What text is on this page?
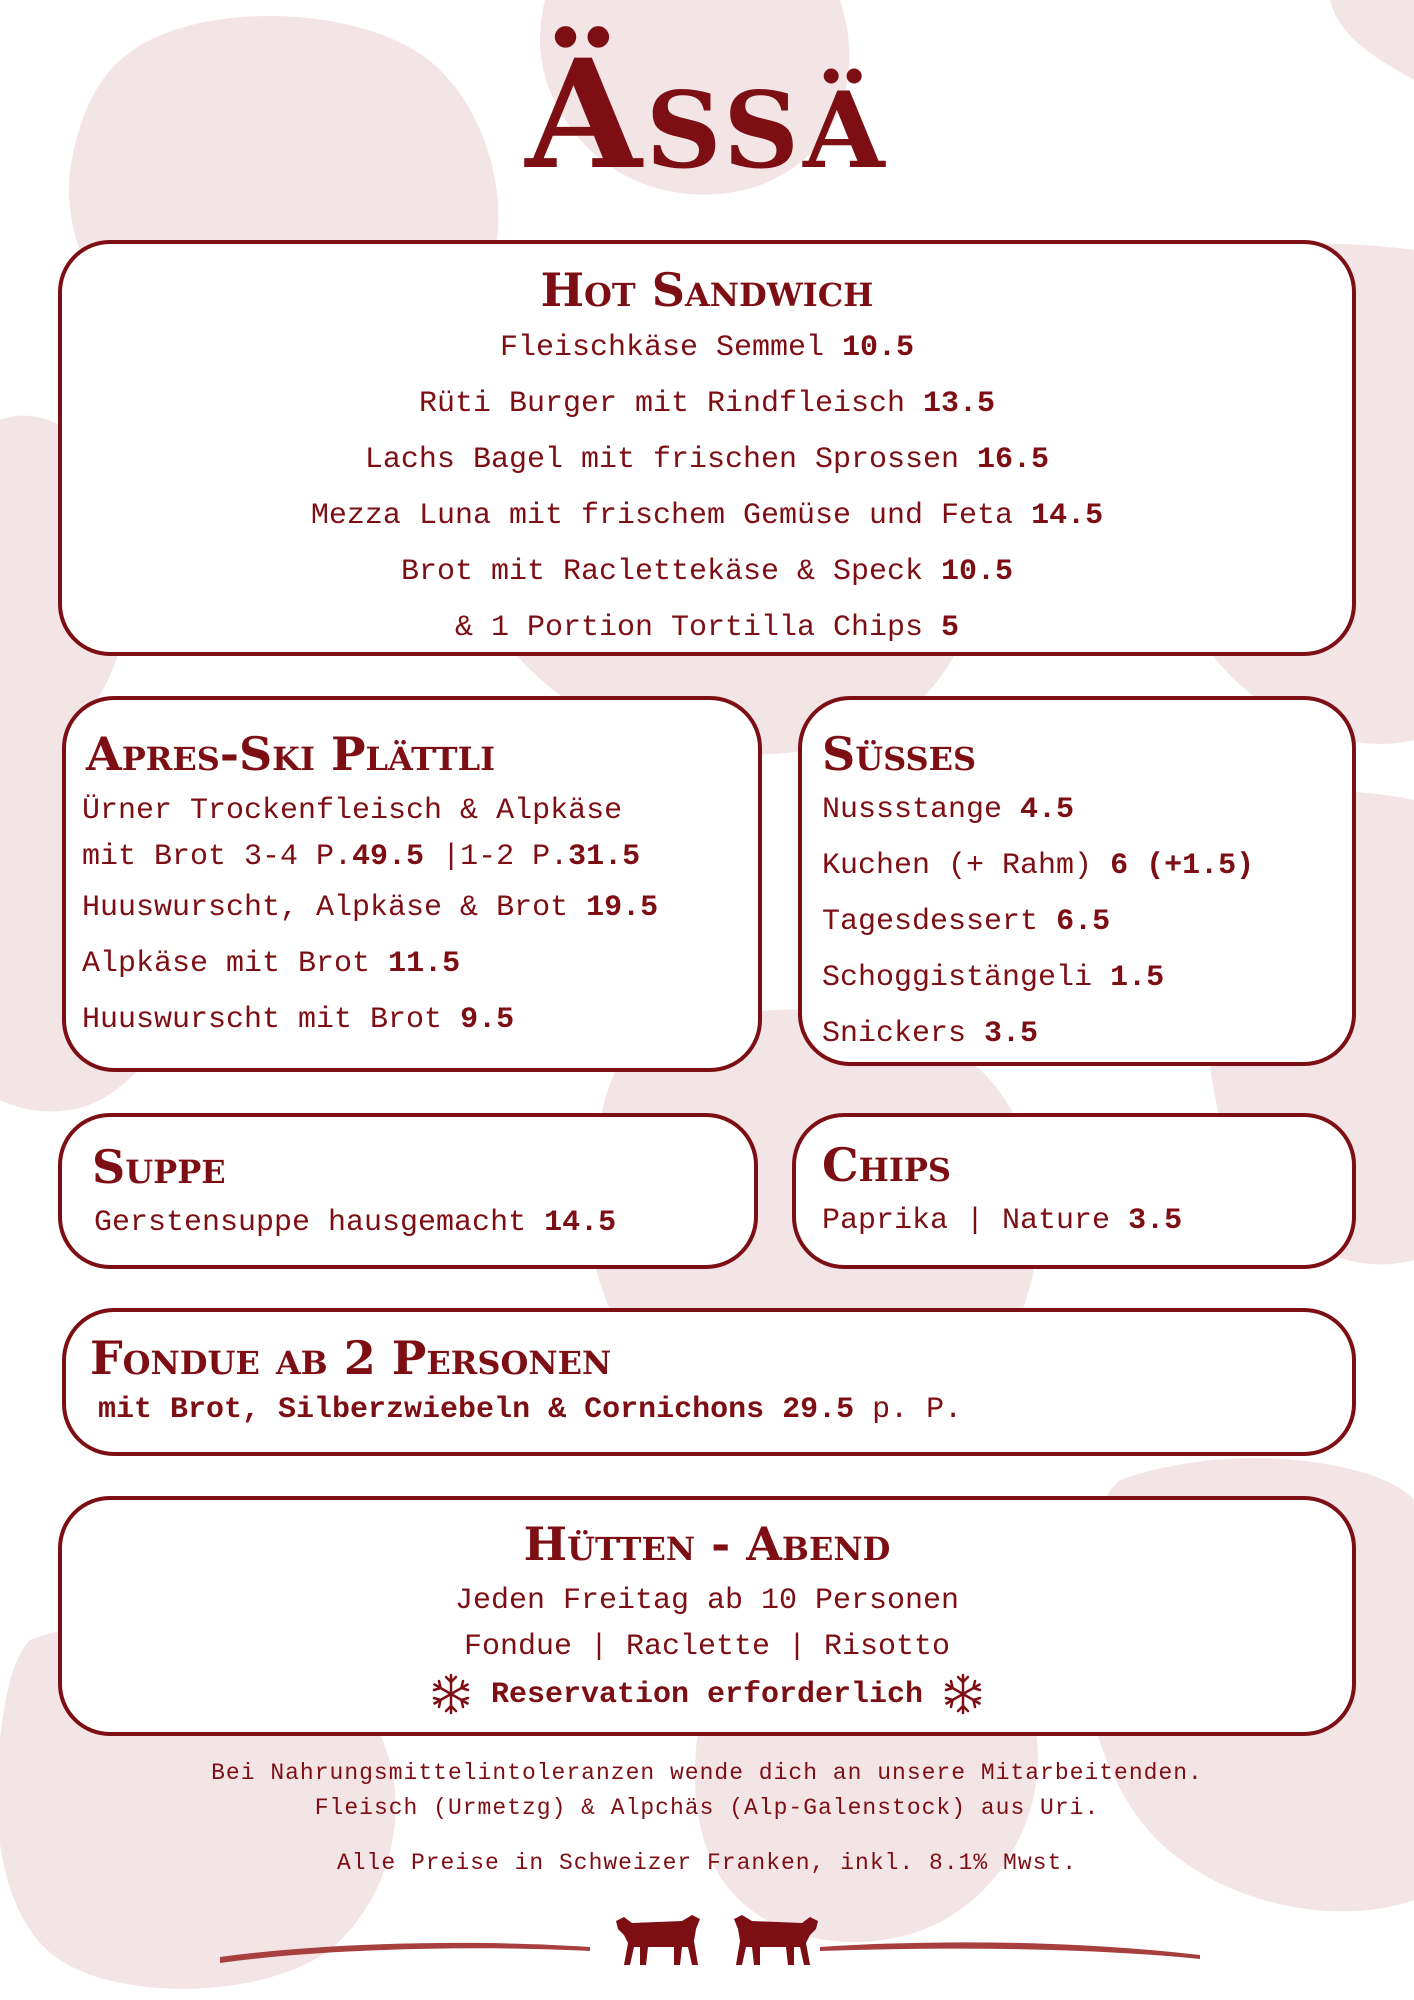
Ässä
Hot Sandwich
Fleischkäse Semmel 10.5
Rüti Burger mit Rindfleisch 13.5
Lachs Bagel mit frischen Sprossen 16.5
Mezza Luna mit frischem Gemüse und Feta 14.5
Brot mit Raclettekäse & Speck 10.5
& 1 Portion Tortilla Chips 5
Apres-Ski Plättli
Ürner Trockenfleisch & Alpkäse
mit Brot 3-4 P.49.5 |1-2 P.31.5
Huuswurscht, Alpkäse & Brot 19.5
Alpkäse mit Brot 11.5
Huuswurscht mit Brot 9.5
Süsses
Nussstange 4.5
Kuchen (+ Rahm) 6 (+1.5)
Tagesdessert 6.5
Schoggistängeli 1.5
Snickers 3.5
Suppe
Gerstensuppe hausgemacht 14.5
Chips
Paprika | Nature 3.5
Fondue ab 2 Personen
mit Brot, Silberzwiebeln & Cornichons 29.5 p. P.
Hütten - Abend
Jeden Freitag ab 10 Personen
Fondue | Raclette | Risotto
Reservation erforderlich
Bei Nahrungsmittelintoleranzen wende dich an unsere Mitarbeitenden.
Fleisch (Urmetzg) & Alpchäs (Alp-Galenstock) aus Uri.
Alle Preise in Schweizer Franken, inkl. 8.1% Mwst.
